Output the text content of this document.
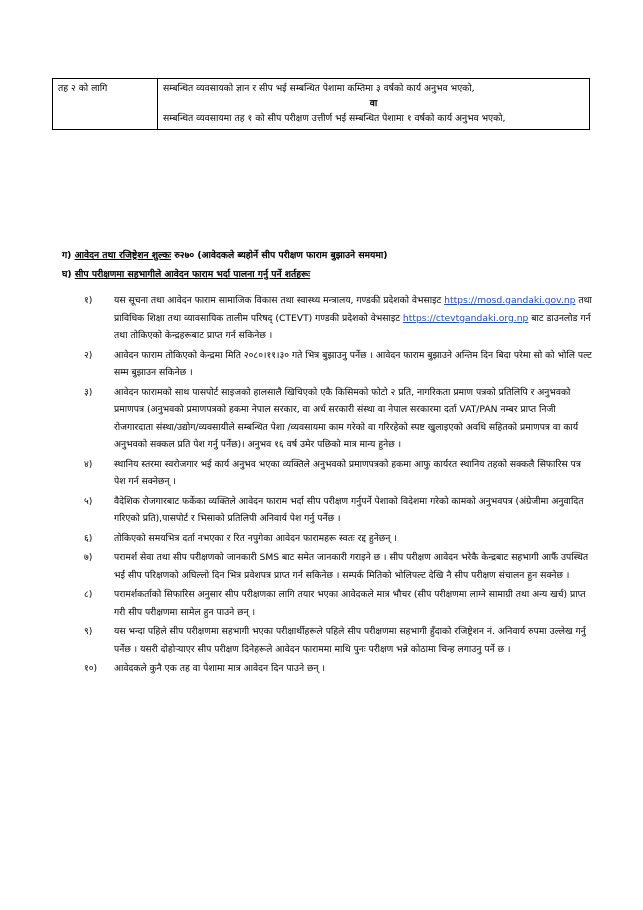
तह २ को लागि	सम्बन्धित व्यवसायको ज्ञान र सीप भई सम्बन्धित पेशामा कम्तिमा ३ वर्षको कार्य अनुभव भएको,
वा
सम्बन्धित व्यवसायमा तह १ को सीप परीक्षण उत्तीर्ण भई सम्बन्धित पेशामा १ वर्षको कार्य अनुभव भएको,
ग) आवेदन तथा रजिष्ट्रेशन शुल्कः रु२७० (आवेदकले ब्यहोर्ने सीप परीक्षण फाराम बुझाउने समयमा)
घ) सीप परीक्षणमा सहभागीले आवेदन फाराम भर्दा पालना गर्नु पर्ने शर्तहरूः
१) यस सूचना तथा आवेदन फाराम सामाजिक विकास तथा स्वास्थ्य मन्त्रालय, गण्डकी प्रदेशको वेभसाइट https://mosd.gandaki.gov.np तथा प्राविधिक शिक्षा तथा व्यावसायिक तालीम परिषद् (CTEVT) गण्डकी प्रदेशको वेभसाइट https://ctevtgandaki.org.np बाट डाउनलोड गर्न तथा तोकिएको केन्द्रहरूबाट प्राप्त गर्न सकिनेछ ।
२) आवेदन फाराम तोकिएको केन्द्रमा मिति २०८०।११।३० गते भित्र बुझाउनु पर्नेछ । आवेदन फाराम बुझाउने अन्तिम दिन बिदा परेमा सो को भोलि पल्ट सम्म बुझाउन सकिनेछ ।
३) आवेदन फारामको साथ पासपोर्ट साइजको हालसालै खिचिएको एकै किसिमको फोटो २ प्रति, नागरिकता प्रमाण पत्रको प्रतिलिपि र अनुभवको प्रमाणपत्र (अनुभवको प्रमाणपत्रको हकमा नेपाल सरकार, वा अर्ध सरकारी संस्था वा नेपाल सरकारमा दर्ता VAT/PAN नम्बर प्राप्त निजी रोजगारदाता संस्था/उद्योग/व्यवसायीले सम्बन्धित पेशा /व्यवसायमा काम गरेको वा गरिरहेको स्पष्ट खुलाइएको अवधि सहितको प्रमाणपत्र वा कार्य अनुभवको सक्कल प्रति पेश गर्नु पर्नेछ)। अनुभव १६ वर्ष उमेर पछिको मात्र मान्य हुनेछ ।
४) स्थानिय स्तरमा स्वरोजगार भई कार्य अनुभव भएका व्यक्तिले अनुभवको प्रमाणपत्रको हकमा आफु कार्यरत स्थानिय तहको सक्कलै सिफारिस पत्र पेश गर्न सक्नेछन् ।
५) वैदेशिक रोजगारबाट फर्केका व्यक्तिले आवेदन फाराम भर्दा सीप परीक्षण गर्नुपर्ने पेशाको विदेशमा गरेको कामको अनुभवपत्र (अंग्रेजीमा अनुवादित गरिएको प्रति),पासपोर्ट र भिसाको प्रतिलिपी अनिवार्य पेश गर्नु पर्नेछ ।
६) तोकिएको समयभित्र दर्ता नभएका र रित नपुगेका आवेदन फारामहरू स्वतः रद्द हुनेछन् ।
७) परामर्श सेवा तथा सीप परीक्षणको जानकारी SMS बाट समेत जानकारी गराइने छ । सीप परीक्षण आवेदन भरेकै केन्द्रबाट सहभागी आफैं उपस्थित भई सीप परिक्षणको अघिल्लो दिन भित्र प्रवेशपत्र प्राप्त गर्न सकिनेछ । सम्पर्क मितिको भोलिपल्ट देखि नै सीप परीक्षण संचालन हुन सक्नेछ ।
८) परामर्शकर्ताको सिफारिस अनुसार सीप परीक्षणका लागि तयार भएका आवेदकले मात्र भौचर (सीप परीक्षणमा लाग्ने सामाग्री तथा अन्य खर्च) प्राप्त गरी सीप परीक्षणमा सामेल हुन पाउने छन् ।
९) यस भन्दा पहिले सीप परीक्षणमा सहभागी भएका परीक्षार्थीहरूले पहिले सीप परीक्षणमा सहभागी हुँदाको रजिष्ट्रेशन नं. अनिवार्य रुपमा उल्लेख गर्नु पर्नेछ । यसरी दोहोऱ्याएर सीप परीक्षण दिनेहरूले आवेदन फाराममा माथि पुनः परीक्षण भन्ने कोठामा चिन्ह लगाउनु पर्ने छ ।
१०) आवेदकले कुनै एक तह वा पेशामा मात्र आवेदन दिन पाउने छन् ।
